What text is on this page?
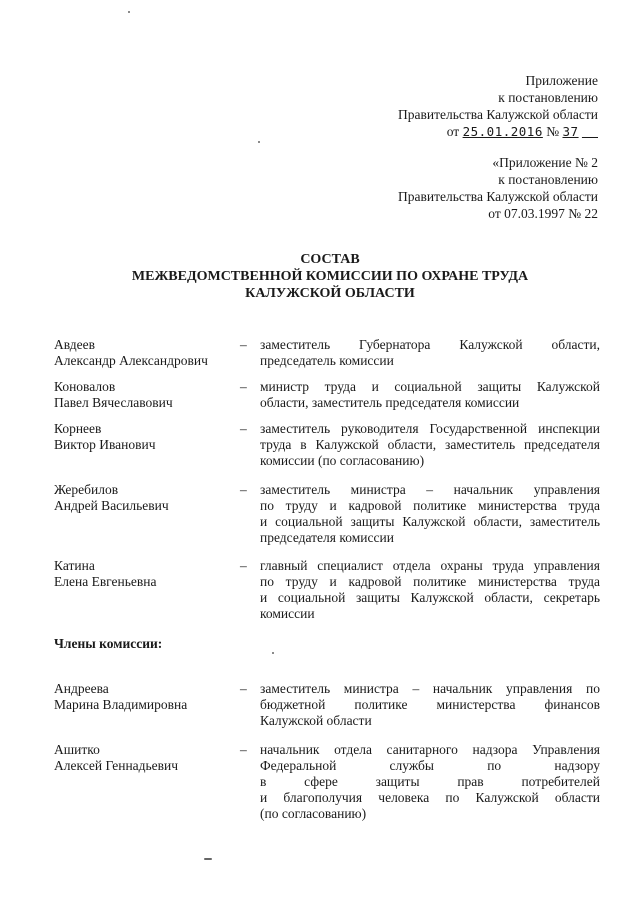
Приложение
к постановлению
Правительства Калужской области
от 25.01.2016 № 37
«Приложение № 2
к постановлению
Правительства Калужской области
от 07.03.1997 № 22
СОСТАВ
МЕЖВЕДОМСТВЕННОЙ КОМИССИИ ПО ОХРАНЕ ТРУДА
КАЛУЖСКОЙ ОБЛАСТИ
Авдеев
Александр Александрович
– заместитель Губернатора Калужской области,
председатель комиссии
Коновалов
Павел Вячеславович
– министр труда и социальной защиты Калужской
области, заместитель председателя комиссии
Корнеев
Виктор Иванович
– заместитель руководителя Государственной инспекции
труда в Калужской области, заместитель председателя
комиссии (по согласованию)
Жеребилов
Андрей Васильевич
– заместитель министра – начальник управления
по труду и кадровой политике министерства труда
и социальной защиты Калужской области, заместитель
председателя комиссии
Катина
Елена Евгеньевна
– главный специалист отдела охраны труда управления
по труду и кадровой политике министерства труда
и социальной защиты Калужской области, секретарь
комиссии
Члены комиссии:
Андреева
Марина Владимировна
– заместитель министра – начальник управления по
бюджетной политике министерства финансов
Калужской области
Ашитко
Алексей Геннадьевич
– начальник отдела санитарного надзора Управления
Федеральной службы по надзору
в сфере защиты прав потребителей
и благополучия человека по Калужской области
(по согласованию)
